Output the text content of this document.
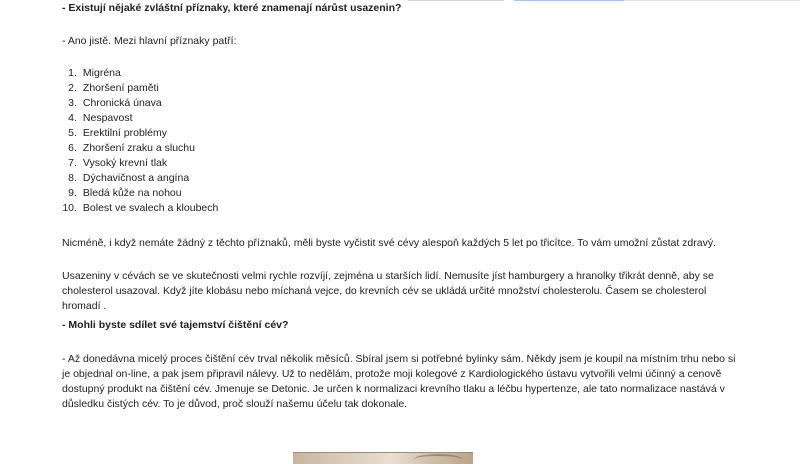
- Existují nějaké zvláštní příznaky, které znamenají nárůst usazenin?
- Ano jistě. Mezi hlavní příznaky patří:
1. Migréna
2. Zhoršení paměti
3. Chronická únava
4. Nespavost
5. Erektilní problémy
6. Zhoršení zraku a sluchu
7. Vysoký krevní tlak
8. Dýchavičnost a angína
9. Bledá kůže na nohou
10. Bolest ve svalech a kloubech
Nicméně, i když nemáte žádný z těchto příznaků, měli byste vyčistit své cévy alespoň každých 5 let po třicítce. To vám umožní zůstat zdravý.
Usazeniny v cévách se ve skutečnosti velmi rychle rozvíjí, zejména u starších lidí. Nemusíte jíst hamburgery a hranolky třikrát denně, aby se cholesterol usazoval. Když jíte klobásu nebo míchaná vejce, do krevních cév se ukládá určité množství cholesterolu. Časem se cholesterol hromadí .
- Mohli byste sdílet své tajemství čištění cév?
- Až donedávna micelý proces čištění cév trval několik měsíců. Sbíral jsem si potřebné bylinky sám. Někdy jsem je koupil na místním trhu nebo si je objednal on-line, a pak jsem připravil nálevy. Už to nedělám, protože moji kolegové z Kardiologického ústavu vytvořili velmi účinný a cenově dostupný produkt na čištění cév. Jmenuje se Detonic. Je určen k normalizaci krevního tlaku a léčbu hypertenze, ale tato normalizace nastává v důsledku čistých cév. To je důvod, proč slouží našemu účelu tak dokonale.
